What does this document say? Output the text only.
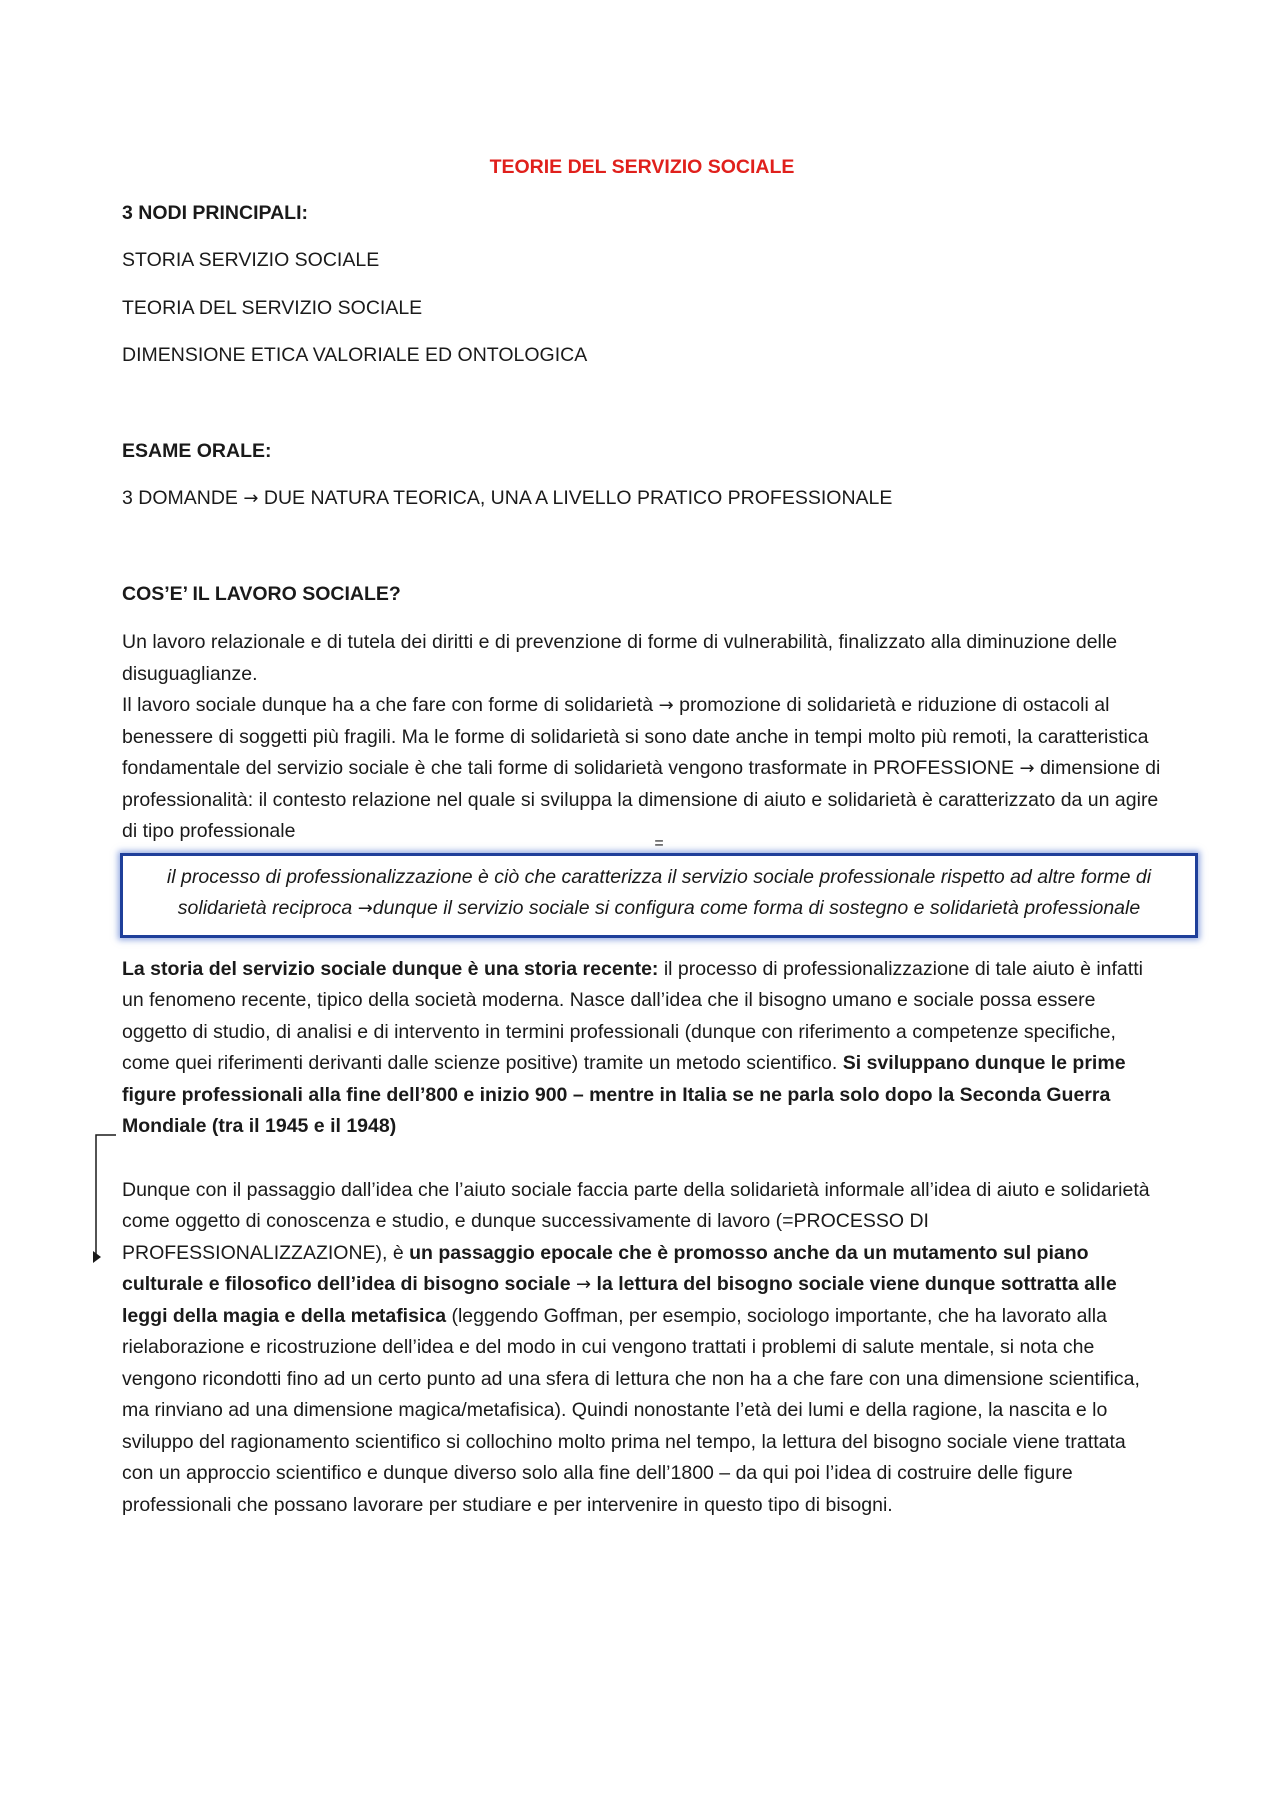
TEORIE DEL SERVIZIO SOCIALE

3 NODI PRINCIPALI:

STORIA SERVIZIO SOCIALE

TEORIA DEL SERVIZIO SOCIALE

DIMENSIONE ETICA VALORIALE ED ONTOLOGICA

ESAME ORALE:

3 DOMANDE → DUE NATURA TEORICA, UNA A LIVELLO PRATICO PROFESSIONALE

COS’E’ IL LAVORO SOCIALE?

Un lavoro relazionale e di tutela dei diritti e di prevenzione di forme di vulnerabilità, finalizzato alla diminuzione delle disuguaglianze.

Il lavoro sociale dunque ha a che fare con forme di solidarietà → promozione di solidarietà e riduzione di ostacoli al benessere di soggetti più fragili. Ma le forme di solidarietà si sono date anche in tempi molto più remoti, la caratteristica fondamentale del servizio sociale è che tali forme di solidarietà vengono trasformate in PROFESSIONE → dimensione di professionalità: il contesto relazione nel quale si sviluppa la dimensione di aiuto e solidarietà è caratterizzato da un agire di tipo professionale

=
il processo di professionalizzazione è ciò che caratterizza il servizio sociale professionale rispetto ad altre forme di solidarietà reciproca →dunque il servizio sociale si configura come forma di sostegno e solidarietà professionale

La storia del servizio sociale dunque è una storia recente: il processo di professionalizzazione di tale aiuto è infatti un fenomeno recente, tipico della società moderna. Nasce dall’idea che il bisogno umano e sociale possa essere oggetto di studio, di analisi e di intervento in termini professionali (dunque con riferimento a competenze specifiche, come quei riferimenti derivanti dalle scienze positive) tramite un metodo scientifico. Si sviluppano dunque le prime figure professionali alla fine dell’800 e inizio 900 – mentre in Italia se ne parla solo dopo la Seconda Guerra Mondiale (tra il 1945 e il 1948)

Dunque con il passaggio dall’idea che l’aiuto sociale faccia parte della solidarietà informale all’idea di aiuto e solidarietà come oggetto di conoscenza e studio, e dunque successivamente di lavoro (=PROCESSO DI PROFESSIONALIZZAZIONE), è un passaggio epocale che è promosso anche da un mutamento sul piano culturale e filosofico dell’idea di bisogno sociale → la lettura del bisogno sociale viene dunque sottratta alle leggi della magia e della metafisica (leggendo Goffman, per esempio, sociologo importante, che ha lavorato alla rielaborazione e ricostruzione dell’idea e del modo in cui vengono trattati i problemi di salute mentale, si nota che vengono ricondotti fino ad un certo punto ad una sfera di lettura che non ha a che fare con una dimensione scientifica, ma rinviano ad una dimensione magica/metafisica). Quindi nonostante l’età dei lumi e della ragione, la nascita e lo sviluppo del ragionamento scientifico si collochino molto prima nel tempo, la lettura del bisogno sociale viene trattata con un approccio scientifico e dunque diverso solo alla fine dell’1800 – da qui poi l’idea di costruire delle figure professionali che possano lavorare per studiare e per intervenire in questo tipo di bisogni.
